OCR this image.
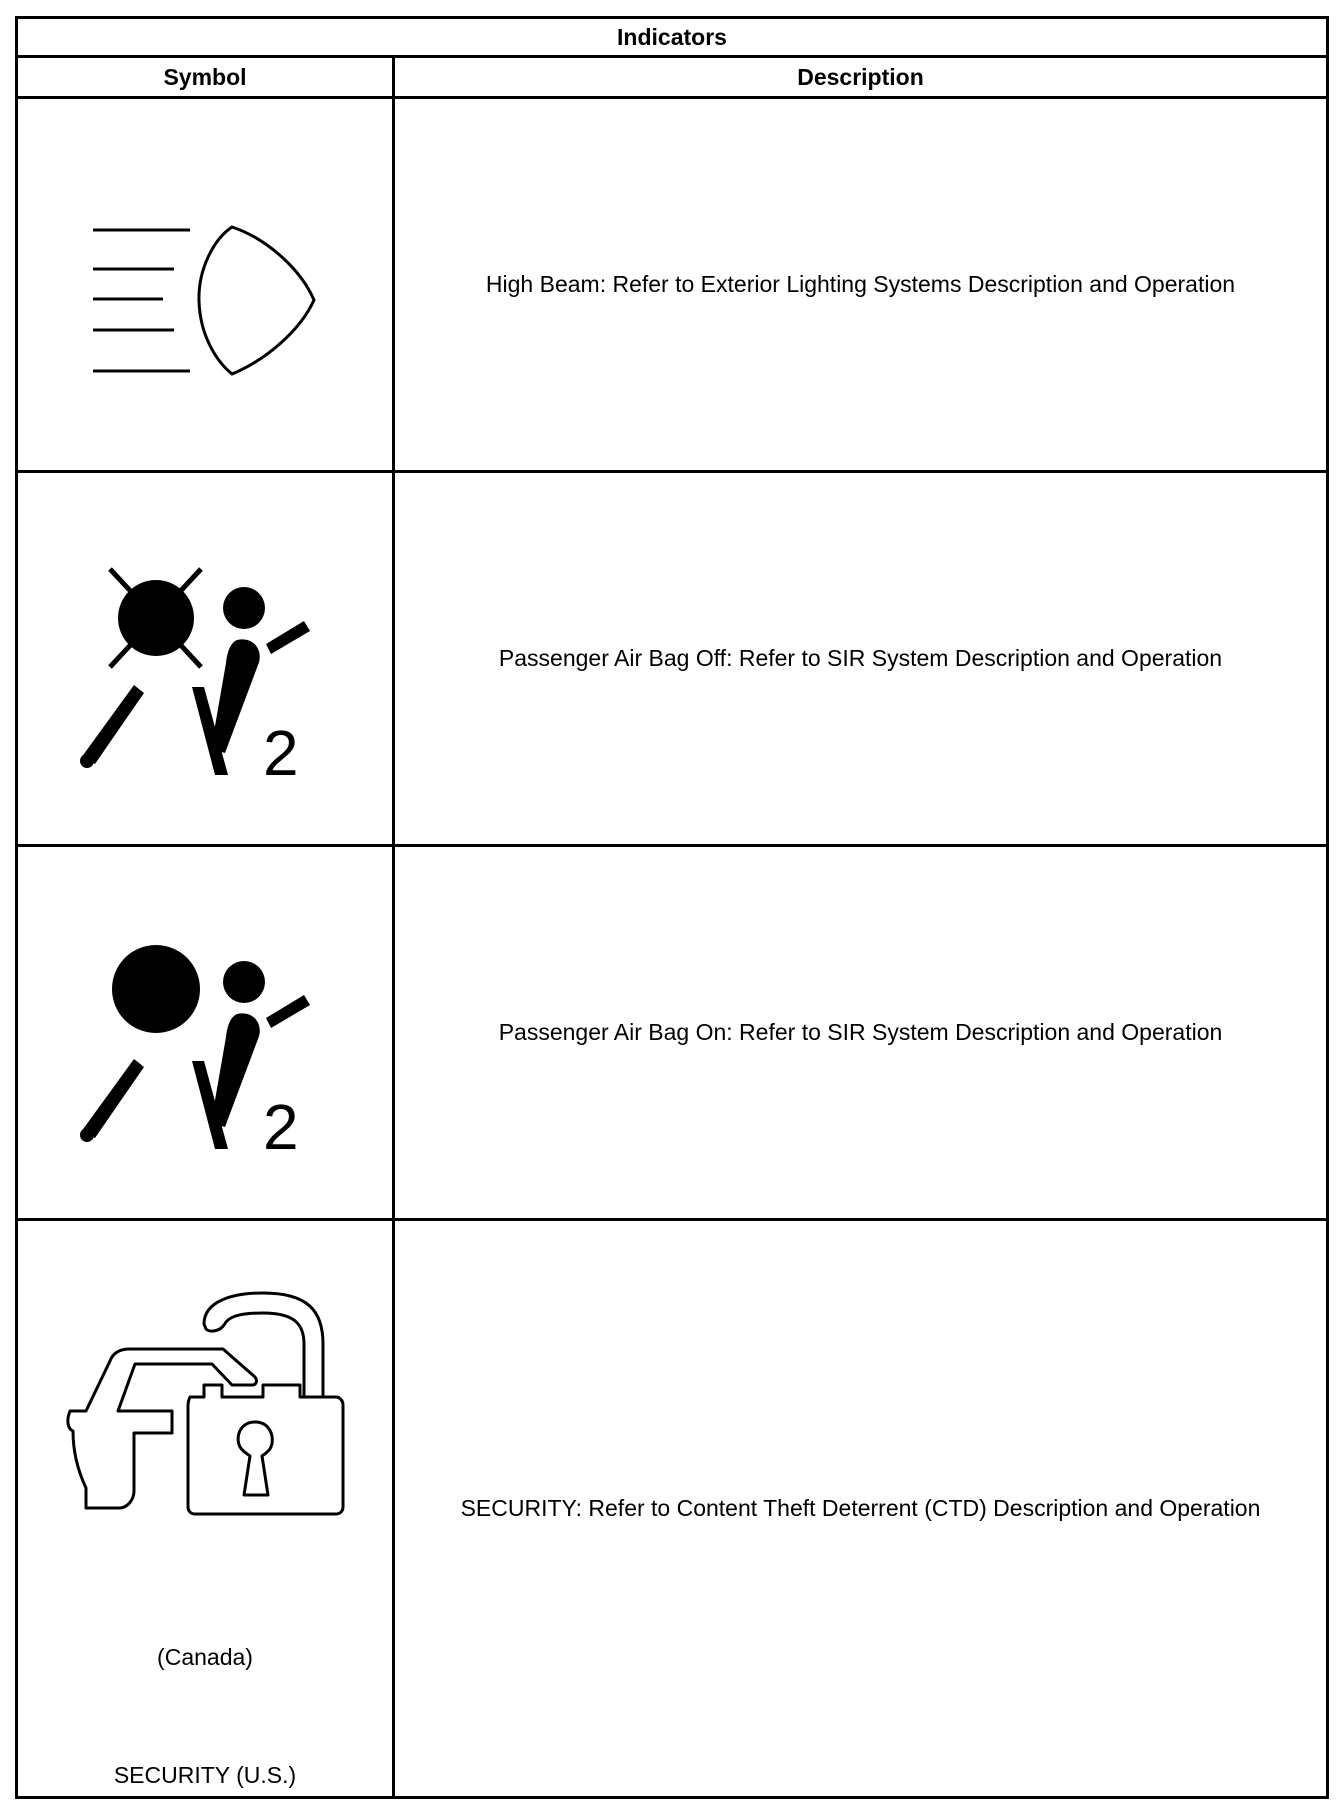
Indicators
Symbol	Description
High Beam: Refer to Exterior Lighting Systems Description and Operation
2
Passenger Air Bag Off: Refer to SIR System Description and Operation
2
Passenger Air Bag On: Refer to SIR System Description and Operation
(Canada)
SECURITY (U.S.)
SECURITY: Refer to Content Theft Deterrent (CTD) Description and Operation
